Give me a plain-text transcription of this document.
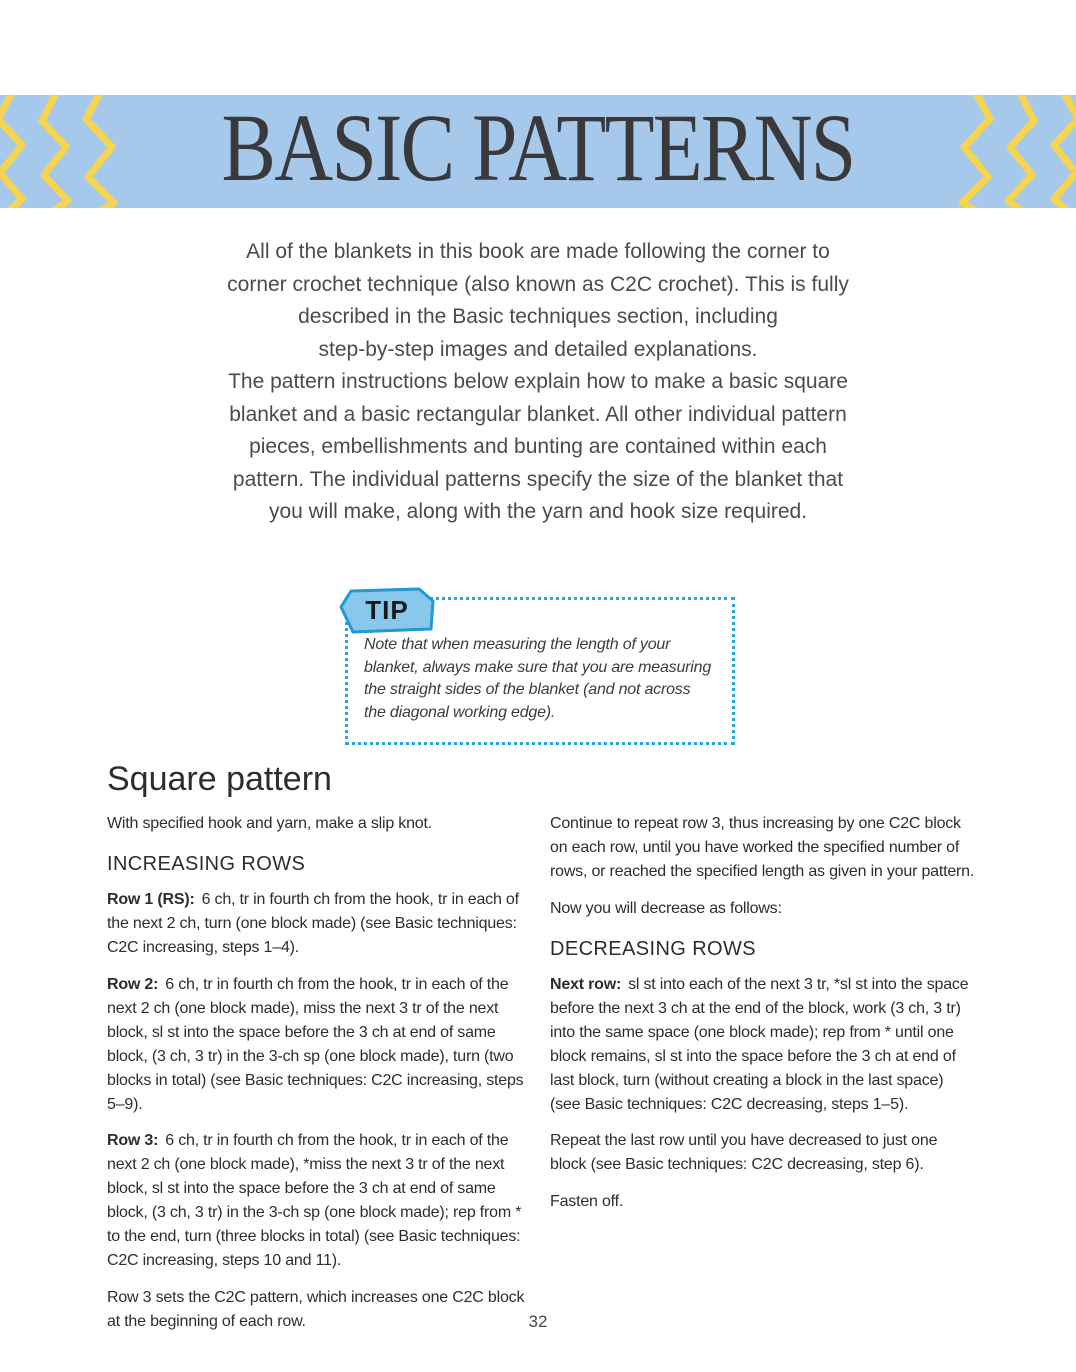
BASIC PATTERNS
All of the blankets in this book are made following the corner to
corner crochet technique (also known as C2C crochet). This is fully
described in the Basic techniques section, including
step-by-step images and detailed explanations.
The pattern instructions below explain how to make a basic square
blanket and a basic rectangular blanket. All other individual pattern
pieces, embellishments and bunting are contained within each
pattern. The individual patterns specify the size of the blanket that
you will make, along with the yarn and hook size required.
TIP

Note that when measuring the length of your blanket, always make sure that you are measuring the straight sides of the blanket (and not across the diagonal working edge).

Square pattern

With specified hook and yarn, make a slip knot.

INCREASING ROWS

Row 1 (RS): 6 ch, tr in fourth ch from the hook, tr in each of the next 2 ch, turn (one block made) (see Basic techniques: C2C increasing, steps 1–4).

Row 2: 6 ch, tr in fourth ch from the hook, tr in each of the next 2 ch (one block made), miss the next 3 tr of the next block, sl st into the space before the 3 ch at end of same block, (3 ch, 3 tr) in the 3-ch sp (one block made), turn (two blocks in total) (see Basic techniques: C2C increasing, steps 5–9).

Row 3: 6 ch, tr in fourth ch from the hook, tr in each of the next 2 ch (one block made), *miss the next 3 tr of the next block, sl st into the space before the 3 ch at end of same block, (3 ch, 3 tr) in the 3-ch sp (one block made); rep from * to the end, turn (three blocks in total) (see Basic techniques: C2C increasing, steps 10 and 11).

Row 3 sets the C2C pattern, which increases one C2C block at the beginning of each row.

Continue to repeat row 3, thus increasing by one C2C block on each row, until you have worked the specified number of rows, or reached the specified length as given in your pattern.

Now you will decrease as follows:

DECREASING ROWS

Next row: sl st into each of the next 3 tr, *sl st into the space before the next 3 ch at the end of the block, work (3 ch, 3 tr) into the same space (one block made); rep from * until one block remains, sl st into the space before the 3 ch at end of last block, turn (without creating a block in the last space) (see Basic techniques: C2C decreasing, steps 1–5).

Repeat the last row until you have decreased to just one block (see Basic techniques: C2C decreasing, step 6).

Fasten off.

32
